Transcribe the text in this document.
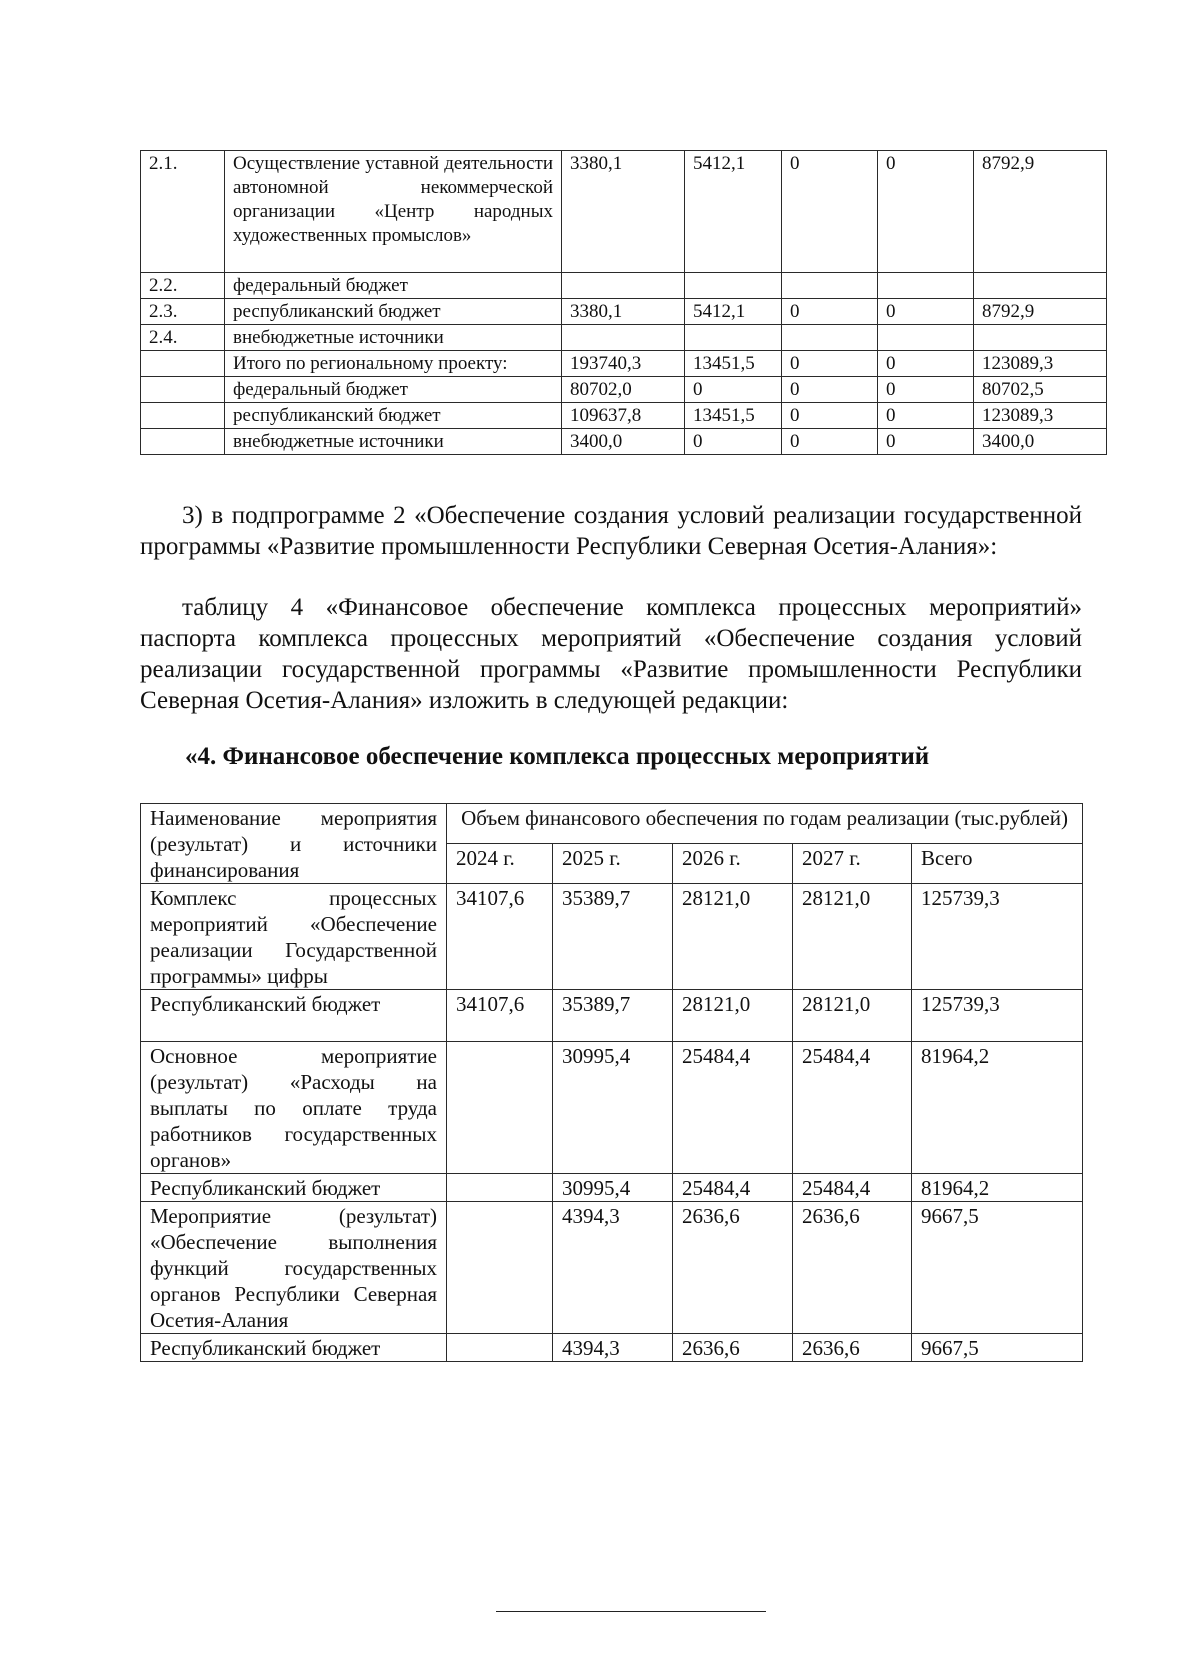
2.1.	Осуществление уставной деятельности автономной некоммерческой организации «Центр народных художественных промыслов»	3380,1	5412,1	0	0	8792,9
2.2.	федеральный бюджет					
2.3.	республиканский бюджет	3380,1	5412,1	0	0	8792,9
2.4.	внебюджетные источники					
	Итого по региональному проекту:	193740,3	13451,5	0	0	123089,3
	федеральный бюджет	80702,0	0	0	0	80702,5
	республиканский бюджет	109637,8	13451,5	0	0	123089,3
	внебюджетные источники	3400,0	0	0	0	3400,0

3) в подпрограмме 2 «Обеспечение создания условий реализации государственной программы «Развитие промышленности Республики Северная Осетия-Алания»:

таблицу 4 «Финансовое обеспечение комплекса процессных мероприятий» паспорта комплекса процессных мероприятий «Обеспечение создания условий реализации государственной программы «Развитие промышленности Республики Северная Осетия-Алания» изложить в следующей редакции:

«4. Финансовое обеспечение комплекса процессных мероприятий
Наименование мероприятия (результат) и источники финансирования	Объем финансового обеспечения по годам реализации (тыс.рублей)				
	2024 г.	2025 г.	2026 г.	2027 г.	Всего
Комплекс процессных мероприятий «Обеспечение реализации Государственной программы» цифры	34107,6	35389,7	28121,0	28121,0	125739,3
Республиканский бюджет	34107,6	35389,7	28121,0	28121,0	125739,3
Основное мероприятие (результат) «Расходы на выплаты по оплате труда работников государственных органов»		30995,4	25484,4	25484,4	81964,2
Республиканский бюджет		30995,4	25484,4	25484,4	81964,2
Мероприятие (результат) «Обеспечение выполнения функций государственных органов Республики Северная Осетия-Алания		4394,3	2636,6	2636,6	9667,5
Республиканский бюджет		4394,3	2636,6	2636,6	9667,5
